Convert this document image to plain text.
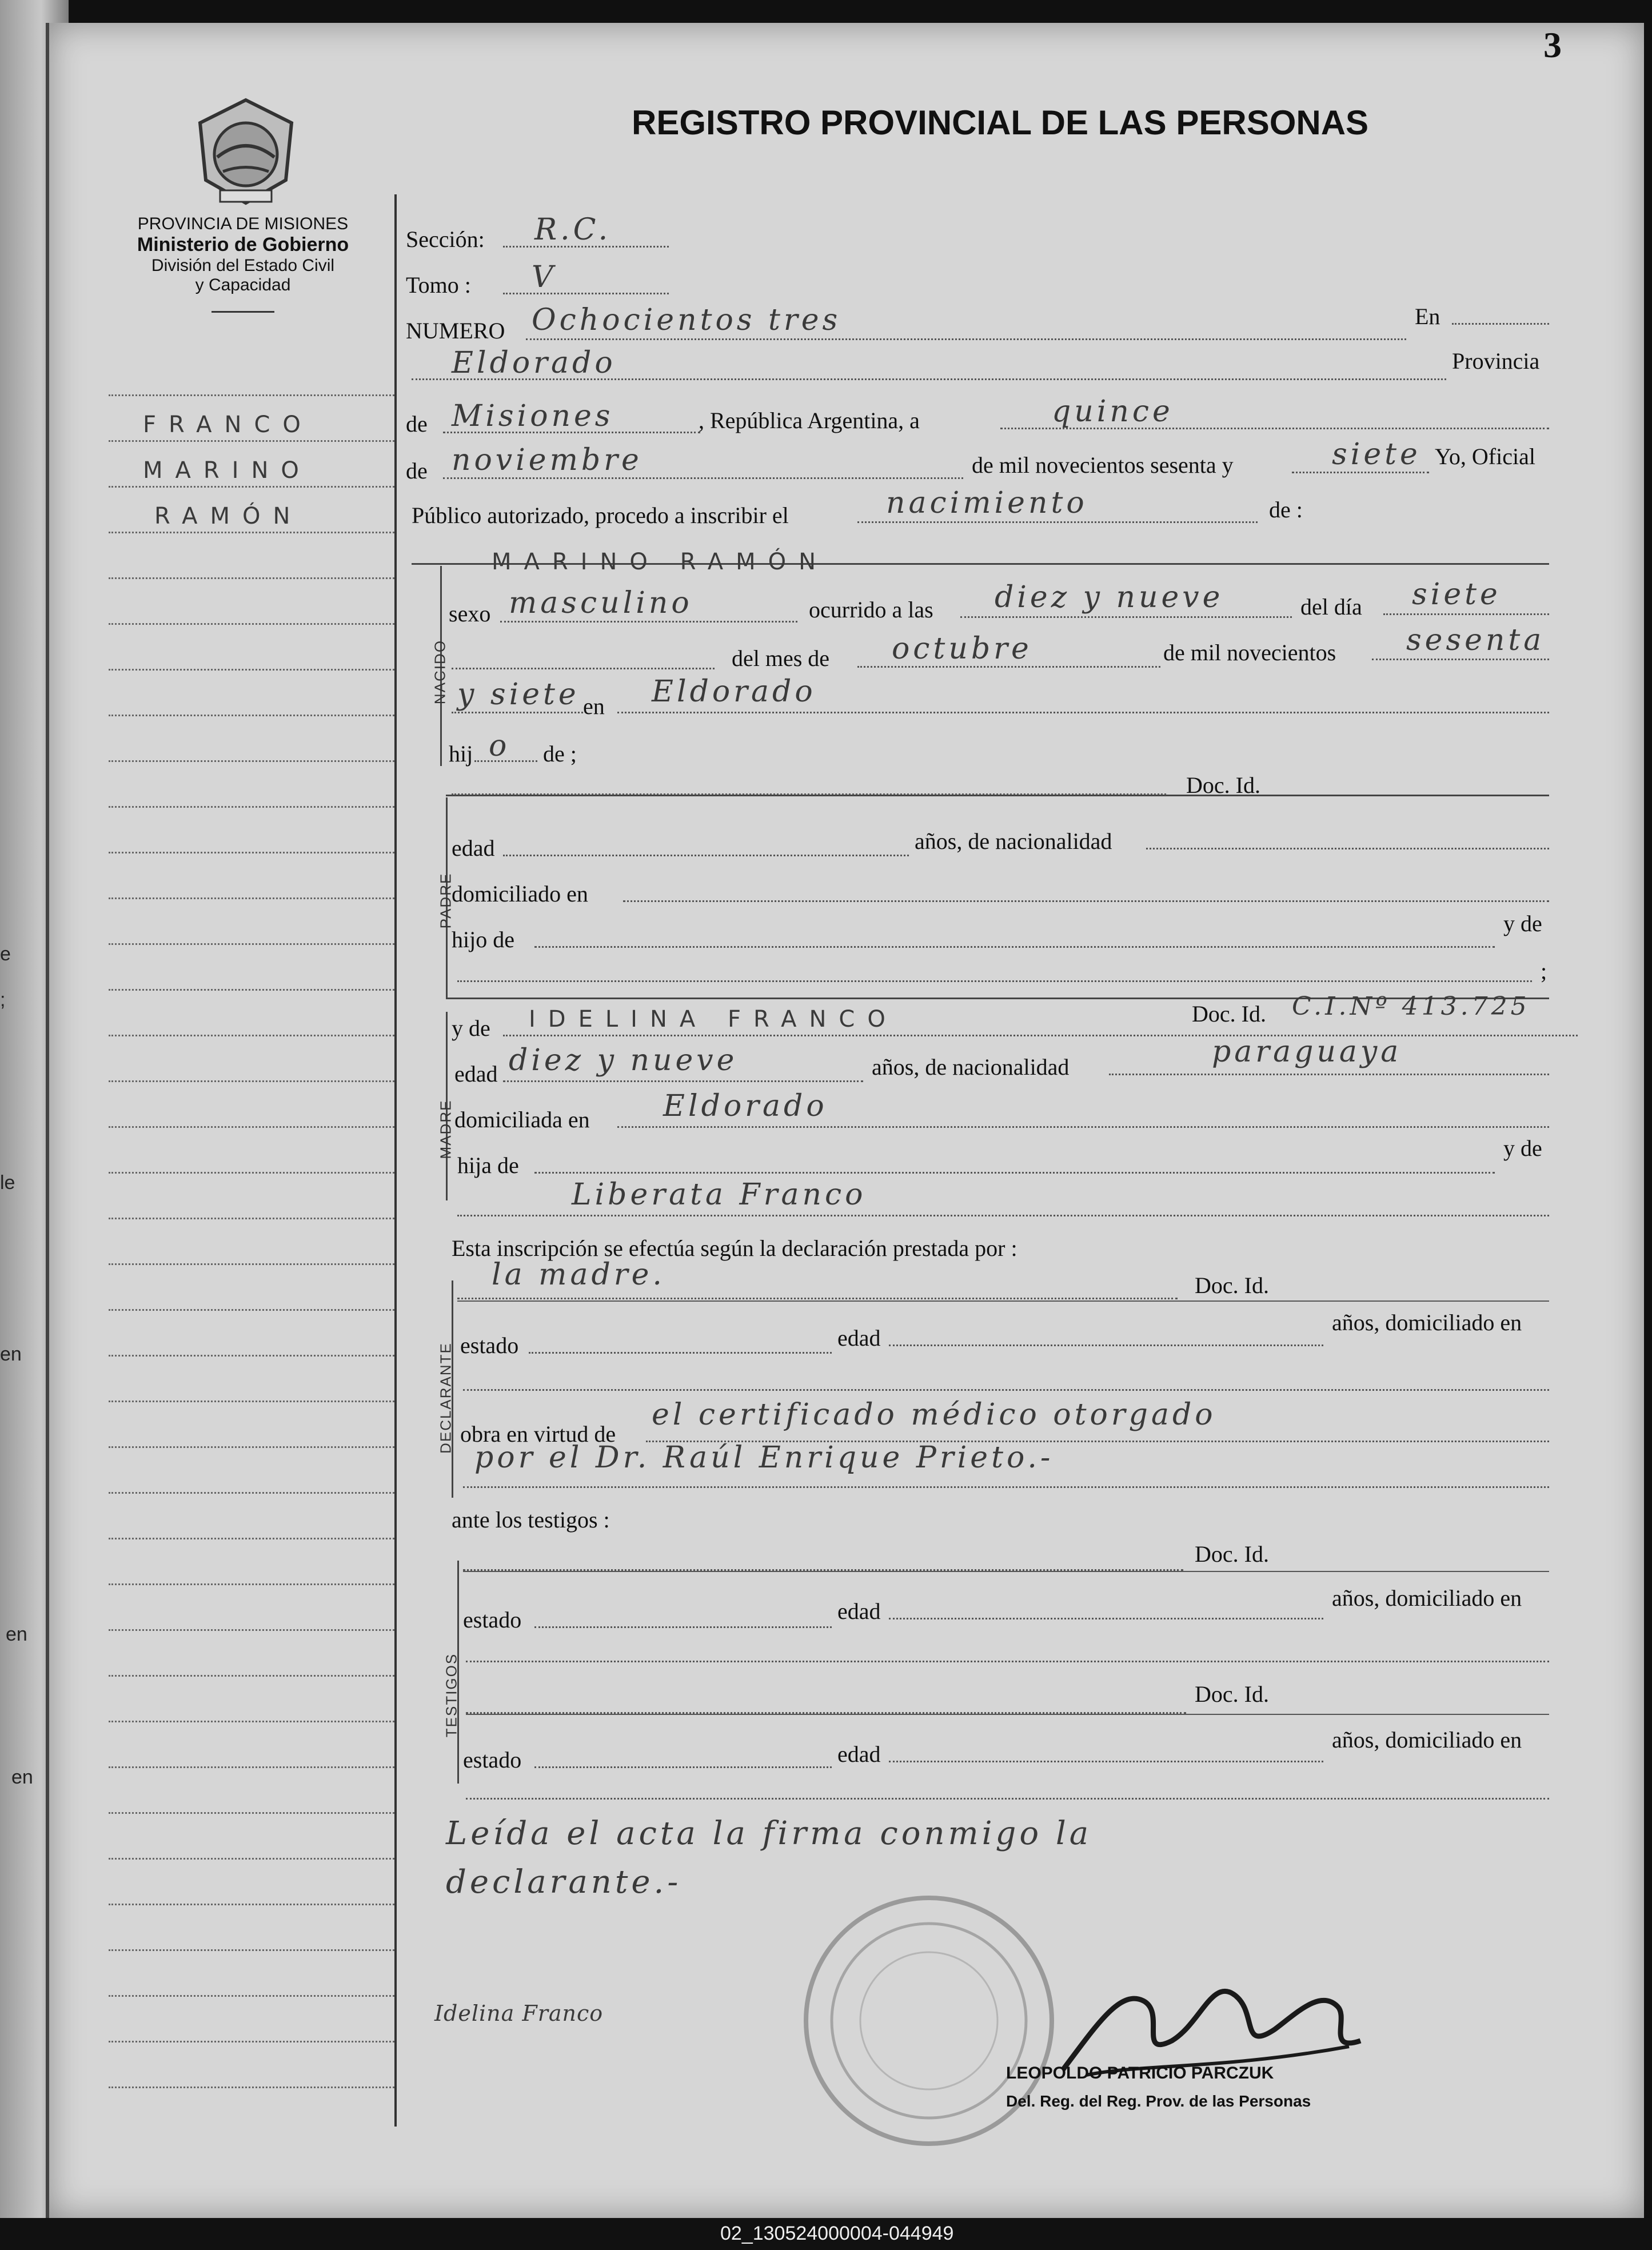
3
REGISTRO PROVINCIAL DE LAS PERSONAS
PROVINCIA DE MISIONES
Ministerio de Gobierno
División del Estado Civil
y Capacidad
FRANCO
MARINO
RAMÓN
e
;
le
en
en
en
Sección: R.C.
Tomo : V
NUMERO Ochocientos tres	En
Eldorado	Provincia
de Misiones	, República Argentina, a	quince
de noviembre	de mil novecientos sesenta y	siete Yo, Oficial
Público autorizado, procedo a inscribir el	nacimiento	de :
NACIDO
MARINO RAMÓN
sexo masculino	ocurrido a las diez y nueve	del día siete
del mes de octubre	de mil novecientos sesenta
y siete en Eldorado
hij o de ;
Doc. Id.
PADRE
edad	años, de nacionalidad
domiciliado en
hijo de
y de
;
MADRE
y de IDELINA FRANCO	Doc. Id. C.I.Nº 413.725
edad diez y nueve	años, de nacionalidad	paraguaya
domiciliada en Eldorado
hija de
y de
Liberata Franco
Esta inscripción se efectúa según la declaración prestada por :
DECLARANTE
la madre.	Doc. Id.
estado	edad
años, domiciliado en
obra en virtud de
el certificado médico otorgado
por el Dr. Raúl Enrique Prieto.-
ante los testigos :
TESTIGOS
Doc. Id.
estado	edad
años, domiciliado en
Doc. Id.
estado	edad
años, domiciliado en
Leída el acta la firma conmigo la
declarante.-
Idelina Franco
LEOPOLDO PATRICIO PARCZUK
Del. Reg. del Reg. Prov. de las Personas
02_130524000004-044949
